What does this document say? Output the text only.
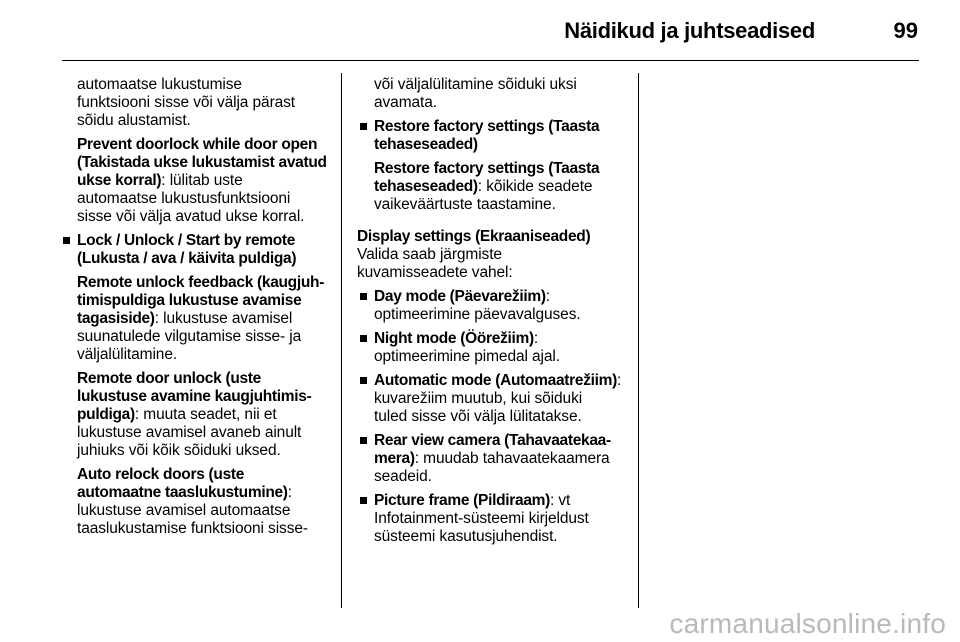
Näidikud ja juhtseadised	99

automaatse lukustumise
funktsiooni sisse või välja pärast
sõidu alustamist.

Prevent doorlock while door open
(Takistada ukse lukustamist avatud
ukse korral): lülitab uste
automaatse lukustusfunktsiooni
sisse või välja avatud ukse korral.

Lock / Unlock / Start by remote
(Lukusta / ava / käivita puldiga)

Remote unlock feedback (kaugjuh-
timispuldiga lukustuse avamise
tagasiside): lukustuse avamisel
suunatulede vilgutamise sisse- ja
väljalülitamine.

Remote door unlock (uste
lukustuse avamine kaugjuhtimis-
puldiga): muuta seadet, nii et
lukustuse avamisel avaneb ainult
juhiuks või kõik sõiduki uksed.

Auto relock doors (uste
automaatne taaslukustumine):
lukustuse avamisel automaatse
taaslukustamise funktsiooni sisse-

või väljalülitamine sõiduki uksi
avamata.

Restore factory settings (Taasta
tehaseseaded)

Restore factory settings (Taasta
tehaseseaded): kõikide seadete
vaikeväärtuste taastamine.

Display settings (Ekraaniseaded)

Valida saab järgmiste
kuvamisseadete vahel:

Day mode (Päevarežiim):
optimeerimine päevavalguses.

Night mode (Öörežiim):
optimeerimine pimedal ajal.

Automatic mode (Automaatrežiim):
kuvarežiim muutub, kui sõiduki
tuled sisse või välja lülitatakse.

Rear view camera (Tahavaatekaa-
mera): muudab tahavaatekaamera
seadeid.

Picture frame (Pildiraam): vt
Infotainment-süsteemi kirjeldust
süsteemi kasutusjuhendist.

carmanualsonline.info
